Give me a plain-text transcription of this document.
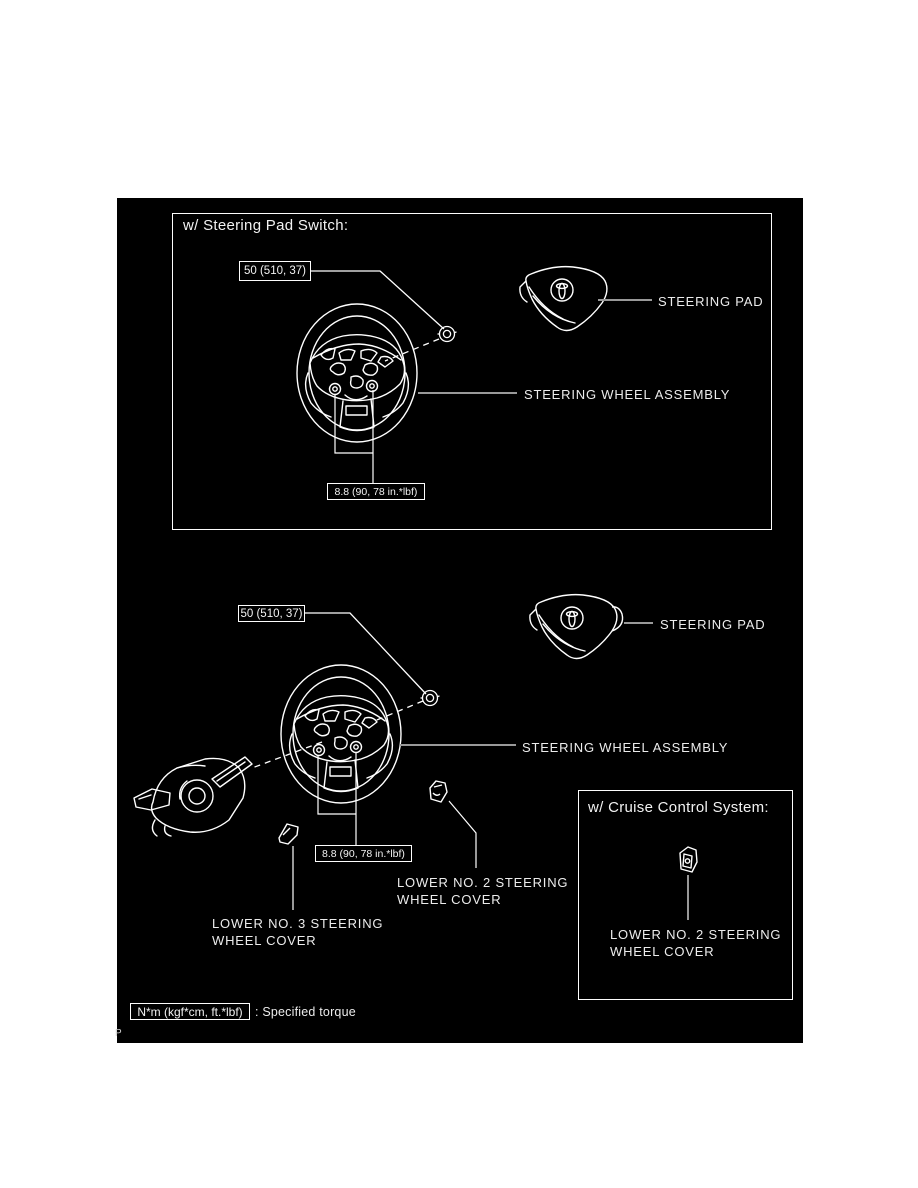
w/ Steering Pad Switch:
50 (510, 37)
8.8 (90, 78 in.*lbf)
STEERING PAD
STEERING WHEEL ASSEMBLY
50 (510, 37)
8.8 (90, 78 in.*lbf)
STEERING PAD
STEERING WHEEL ASSEMBLY
LOWER NO. 2 STEERING
WHEEL COVER
LOWER NO. 3 STEERING
WHEEL COVER
w/ Cruise Control System:
LOWER NO. 2 STEERING
WHEEL COVER
N*m (kgf*cm, ft.*lbf) : Specified torque
P
